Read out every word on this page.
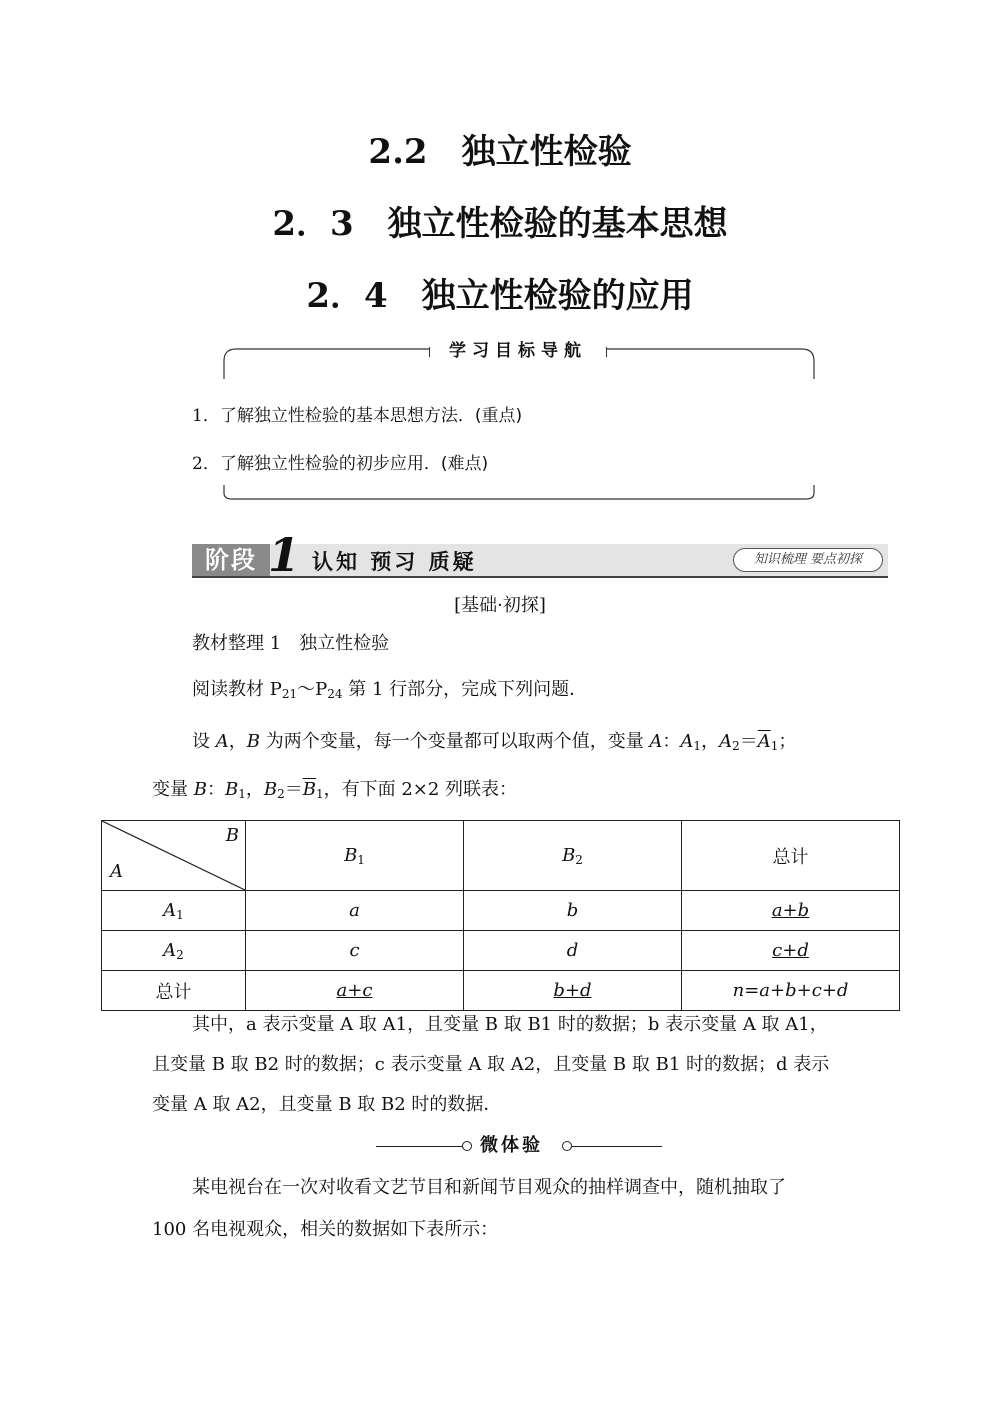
2.2　独立性检验
2．3　独立性检验的基本思想
2．4　独立性检验的应用
学习目标导航
1．了解独立性检验的基本思想方法．(重点)
2．了解独立性检验的初步应用．(难点)
阶段 1 认知 预习 质疑	知识梳理 要点初探
[基础·初探]
教材整理 1　独立性检验
阅读教材 $P_{21}\sim P_{24}$ 第 1 行部分，完成下列问题．
设 A，B 为两个变量，每一个变量都可以取两个值，变量 A：$A_1$，$A_2=\overline{A}_1$；
变量 B：$B_1$，$B_2=\overline{B}_1$，有下面 2×2 列联表：
B
A	$B_1$	$B_2$	总计
$A_1$	a	b	a+b
$A_2$	c	d	c+d
总计	a+c	b+d	n=a+b+c+d
其中，a 表示变量 A 取 A1，且变量 B 取 B1 时的数据；b 表示变量 A 取 A1，
且变量 B 取 B2 时的数据；c 表示变量 A 取 A2，且变量 B 取 B1 时的数据；d 表示
变量 A 取 A2，且变量 B 取 B2 时的数据．
微体验
某电视台在一次对收看文艺节目和新闻节目观众的抽样调查中，随机抽取了
100 名电视观众，相关的数据如下表所示：
